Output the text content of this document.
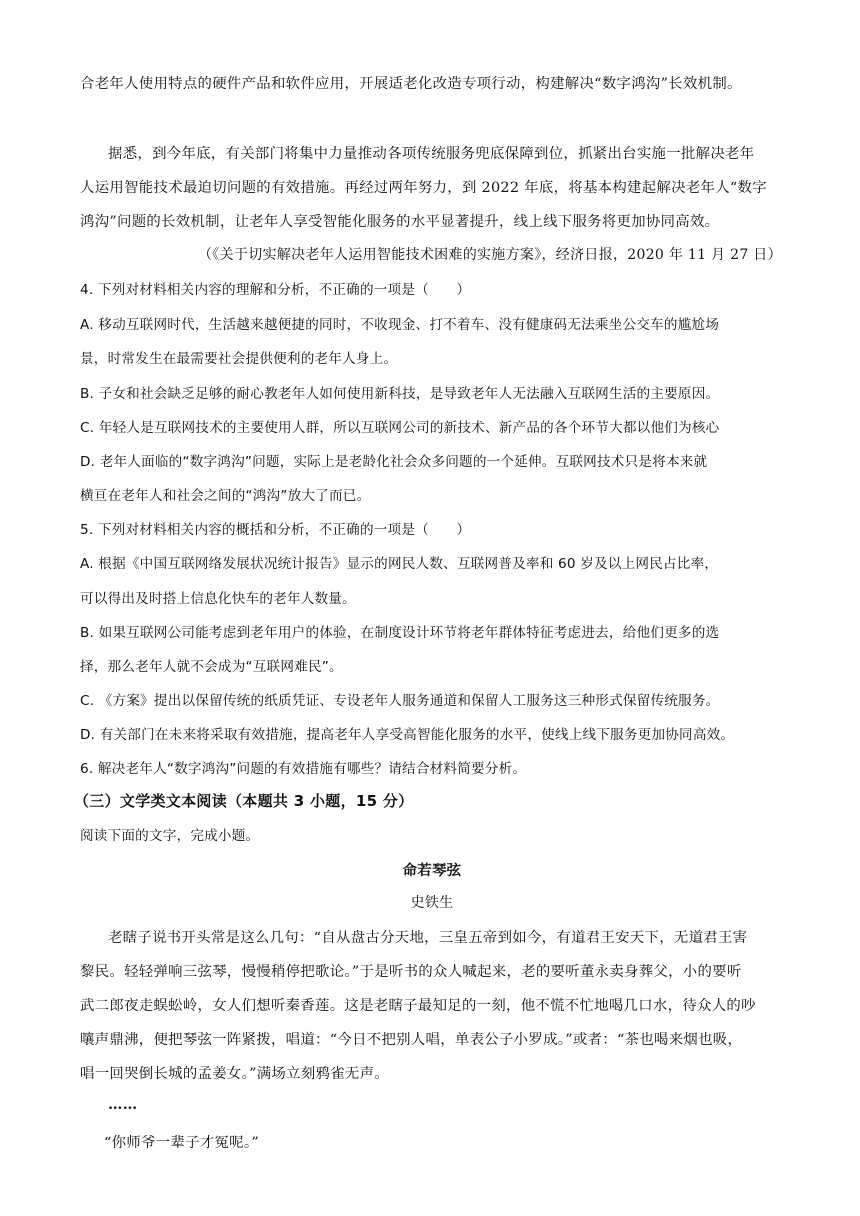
合老年人使用特点的硬件产品和软件应用，开展适老化改造专项行动，构建解决“数字鸿沟”长效机制。
据悉，到今年底，有关部门将集中力量推动各项传统服务兜底保障到位，抓紧出台实施一批解决老年
人运用智能技术最迫切问题的有效措施。再经过两年努力，到 2022 年底，将基本构建起解决老年人“数字
鸿沟”问题的长效机制，让老年人享受智能化服务的水平显著提升，线上线下服务将更加协同高效。
（《关于切实解决老年人运用智能技术困难的实施方案》，经济日报，2020 年 11 月 27 日）
4. 下列对材料相关内容的理解和分析，不正确的一项是（　　）
A. 移动互联网时代，生活越来越便捷的同时，不收现金、打不着车、没有健康码无法乘坐公交车的尴尬场
景，时常发生在最需要社会提供便利的老年人身上。
B. 子女和社会缺乏足够的耐心教老年人如何使用新科技，是导致老年人无法融入互联网生活的主要原因。
C. 年轻人是互联网技术的主要使用人群，所以互联网公司的新技术、新产品的各个环节大都以他们为核心
D. 老年人面临的“数字鸿沟”问题，实际上是老龄化社会众多问题的一个延伸。互联网技术只是将本来就
横亘在老年人和社会之间的“鸿沟”放大了而已。
5. 下列对材料相关内容的概括和分析，不正确的一项是（　　）
A. 根据《中国互联网络发展状况统计报告》显示的网民人数、互联网普及率和 60 岁及以上网民占比率，
可以得出及时搭上信息化快车的老年人数量。
B. 如果互联网公司能考虑到老年用户的体验，在制度设计环节将老年群体特征考虑进去，给他们更多的选
择，那么老年人就不会成为“互联网难民”。
C. 《方案》提出以保留传统的纸质凭证、专设老年人服务通道和保留人工服务这三种形式保留传统服务。
D. 有关部门在未来将采取有效措施，提高老年人享受高智能化服务的水平，使线上线下服务更加协同高效。
6. 解决老年人“数字鸿沟”问题的有效措施有哪些？请结合材料简要分析。
（三）文学类文本阅读（本题共 3 小题，15 分）
阅读下面的文字，完成小题。
命若琴弦
史铁生
老瞎子说书开头常是这么几句：“自从盘古分天地，三皇五帝到如今，有道君王安天下，无道君王害
黎民。轻轻弹响三弦琴，慢慢稍停把歌论。”于是听书的众人喊起来，老的要听董永卖身葬父，小的要听
武二郎夜走蜈蚣岭，女人们想听秦香莲。这是老瞎子最知足的一刻，他不慌不忙地喝几口水，待众人的吵
嚷声鼎沸，便把琴弦一阵紧拨，唱道：“今日不把别人唱，单表公子小罗成。”或者：“茶也喝来烟也吸，
唱一回哭倒长城的孟姜女。”满场立刻鸦雀无声。
……
“你师爷一辈子才冤呢。”
